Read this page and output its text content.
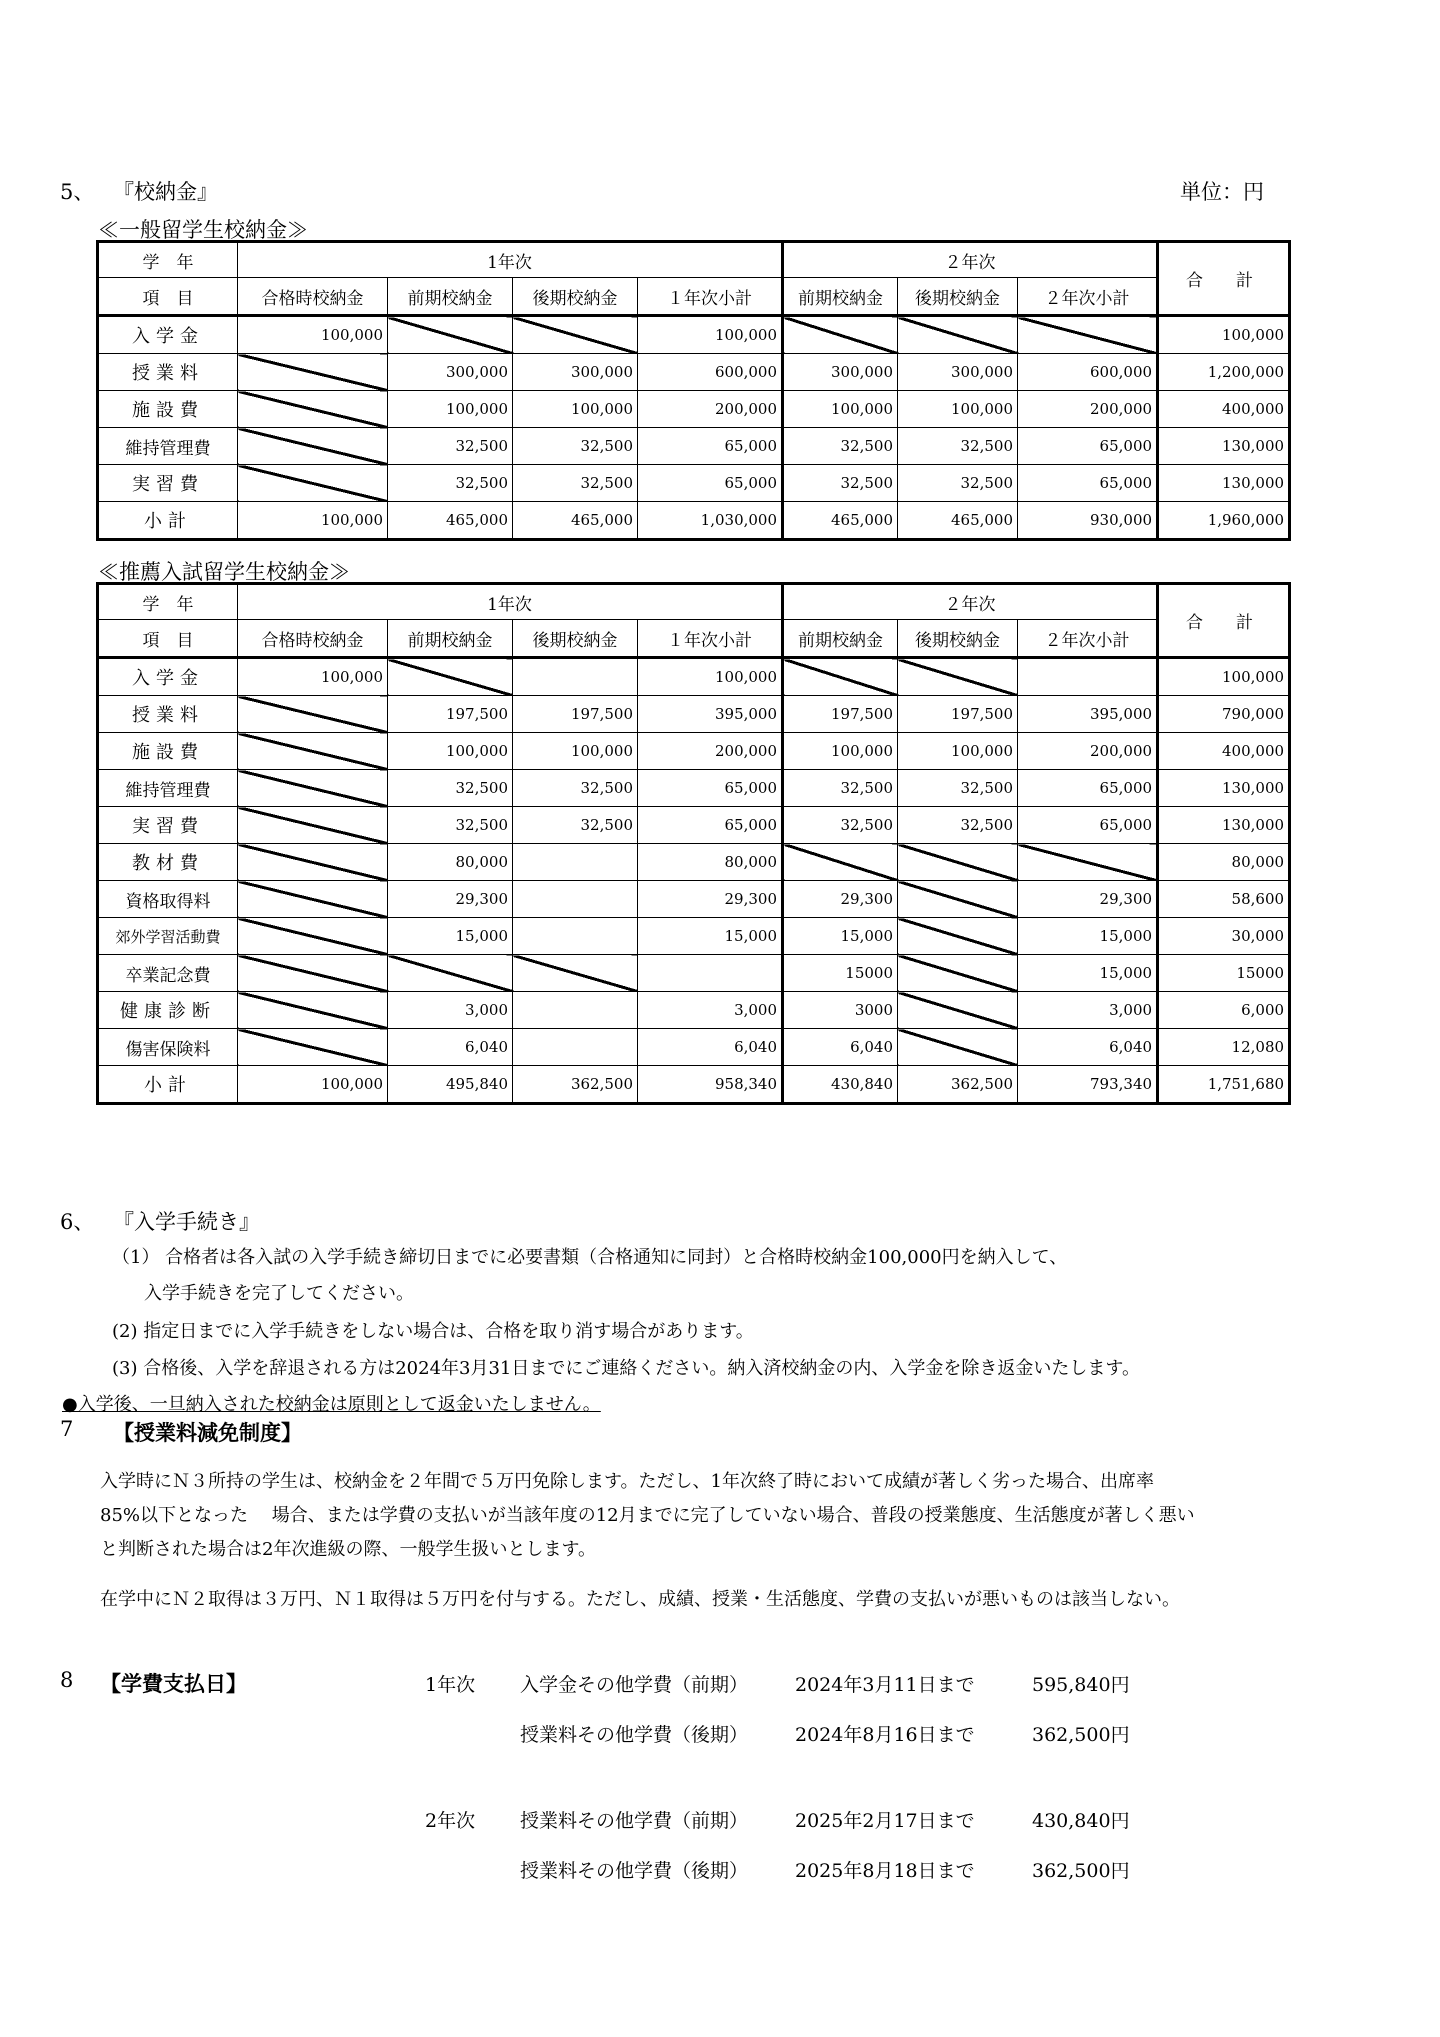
5、 『校納金』	単位：円
≪一般留学生校納金≫
学　年	1年次				２年次			合　計
項　目	合格時校納金	前期校納金	後期校納金	１年次小計	前期校納金	後期校納金	２年次小計	
入学金	100,000			100,000				100,000
授業料		300,000	300,000	600,000	300,000	300,000	600,000	1,200,000
施設費		100,000	100,000	200,000	100,000	100,000	200,000	400,000
維持管理費		32,500	32,500	65,000	32,500	32,500	65,000	130,000
実習費		32,500	32,500	65,000	32,500	32,500	65,000	130,000
小計	100,000	465,000	465,000	1,030,000	465,000	465,000	930,000	1,960,000
≪推薦入試留学生校納金≫
学　年	1年次				２年次			合　計
項　目	合格時校納金	前期校納金	後期校納金	１年次小計	前期校納金	後期校納金	２年次小計	
入学金	100,000			100,000				100,000
授業料		197,500	197,500	395,000	197,500	197,500	395,000	790,000
施設費		100,000	100,000	200,000	100,000	100,000	200,000	400,000
維持管理費		32,500	32,500	65,000	32,500	32,500	65,000	130,000
実習費		32,500	32,500	65,000	32,500	32,500	65,000	130,000
教材費		80,000		80,000				80,000
資格取得料		29,300		29,300	29,300		29,300	58,600
郊外学習活動費		15,000		15,000	15,000		15,000	30,000
卒業記念費					15000		15,000	15000
健康診断		3,000		3,000	3000		3,000	6,000
傷害保険料		6,040		6,040	6,040		6,040	12,080
小計	100,000	495,840	362,500	958,340	430,840	362,500	793,340	1,751,680
6、 『入学手続き』
（1） 合格者は各入試の入学手続き締切日までに必要書類（合格通知に同封）と合格時校納金100,000円を納入して、
入学手続きを完了してください。
(2) 指定日までに入学手続きをしない場合は、合格を取り消す場合があります。
(3) 合格後、入学を辞退される方は2024年3月31日までにご連絡ください。納入済校納金の内、入学金を除き返金いたします。
●入学後、一旦納入された校納金は原則として返金いたしません。
7 【授業料減免制度】
入学時にＮ３所持の学生は、校納金を２年間で５万円免除します。ただし、1年次終了時において成績が著しく劣った場合、出席率
85%以下となった　 場合、または学費の支払いが当該年度の12月までに完了していない場合、普段の授業態度、生活態度が著しく悪い
と判断された場合は2年次進級の際、一般学生扱いとします。
在学中にＮ２取得は３万円、Ｎ１取得は５万円を付与する。ただし、成績、授業・生活態度、学費の支払いが悪いものは該当しない。
8 【学費支払日】	1年次 入学金その他学費（前期） 2024年3月11日まで	595,840円
授業料その他学費（後期） 2024年8月16日まで	362,500円
2年次 授業料その他学費（前期） 2025年2月17日まで	430,840円
授業料その他学費（後期） 2025年8月18日まで	362,500円
